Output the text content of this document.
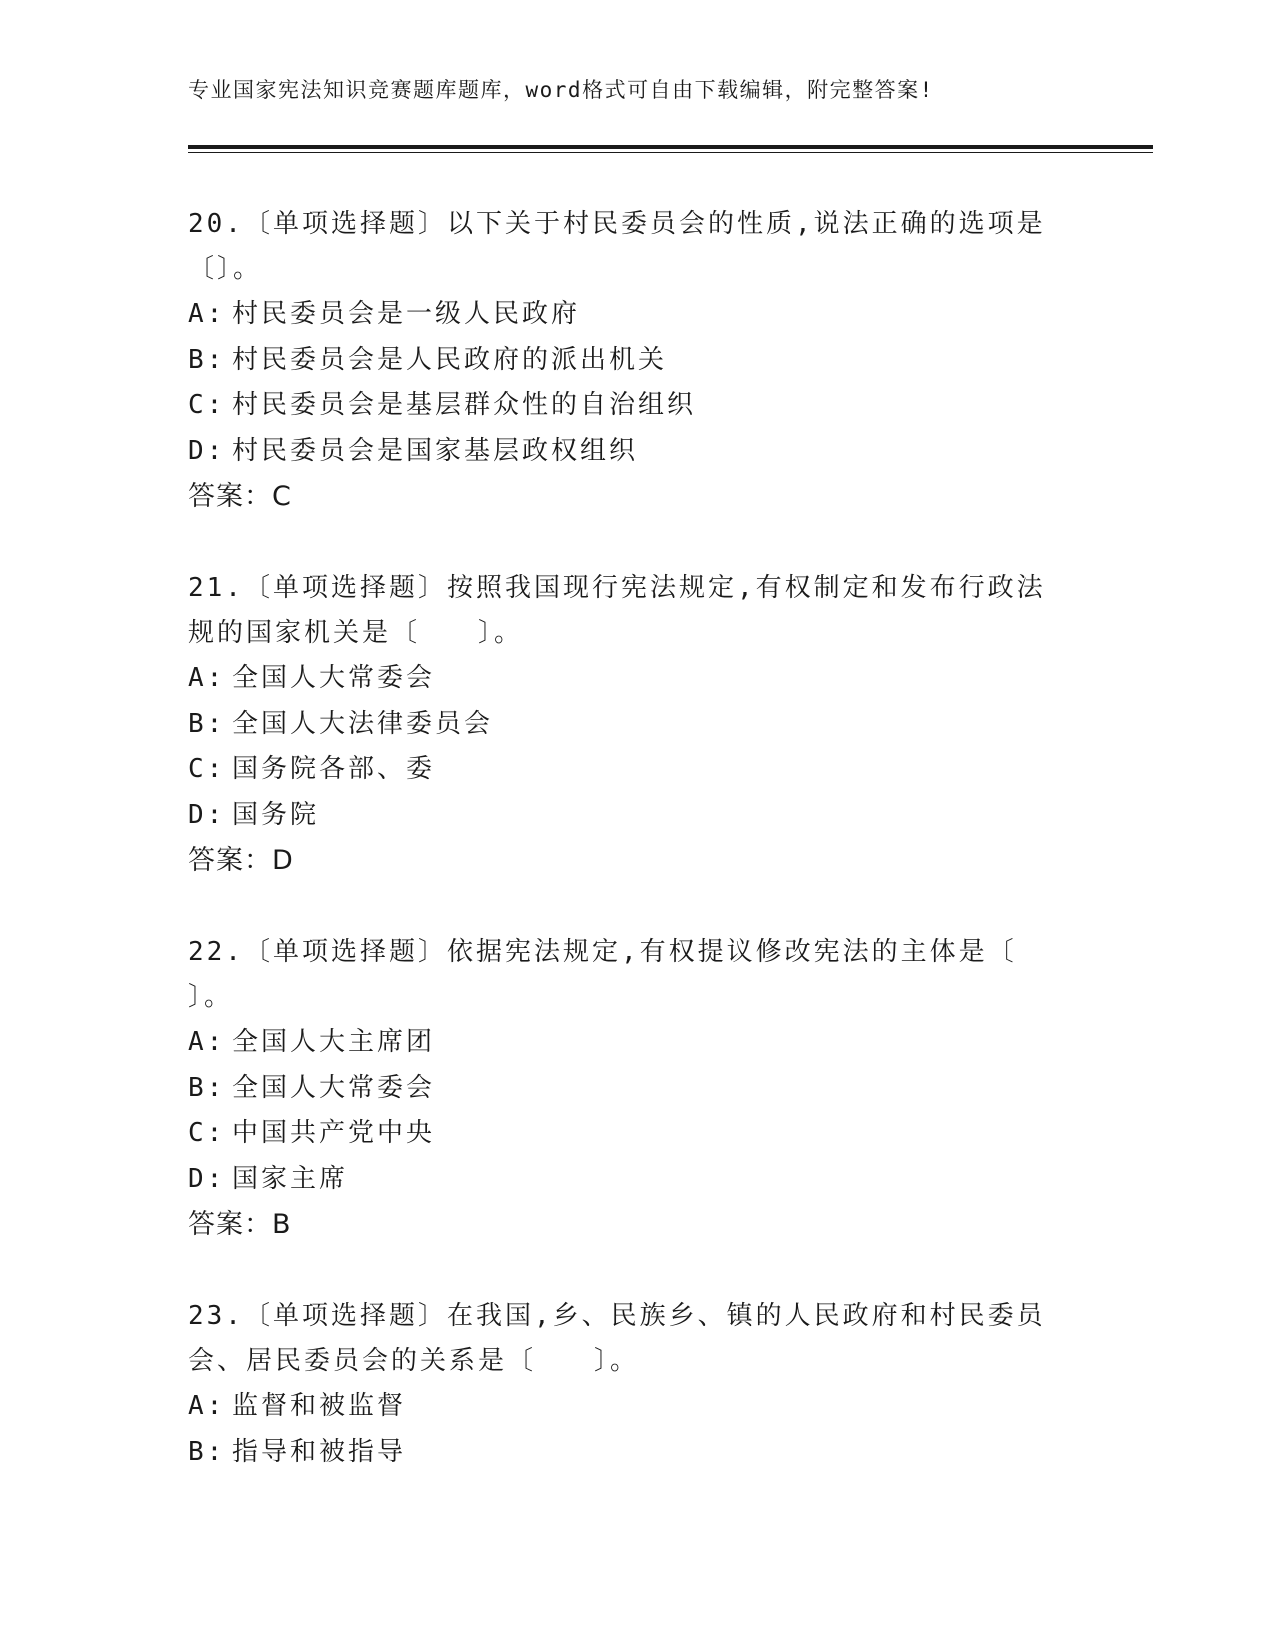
专业国家宪法知识竞赛题库题库，word格式可自由下载编辑，附完整答案!
20.〔单项选择题〕以下关于村民委员会的性质,说法正确的选项是〔〕。
A: 村民委员会是一级人民政府
B: 村民委员会是人民政府的派出机关
C: 村民委员会是基层群众性的自治组织
D: 村民委员会是国家基层政权组织
答案：C
21.〔单项选择题〕按照我国现行宪法规定,有权制定和发布行政法规的国家机关是〔　　〕。
A: 全国人大常委会
B: 全国人大法律委员会
C: 国务院各部、委
D: 国务院
答案：D
22.〔单项选择题〕依据宪法规定,有权提议修改宪法的主体是〔　　〕。
A: 全国人大主席团
B: 全国人大常委会
C: 中国共产党中央
D: 国家主席
答案：B
23.〔单项选择题〕在我国,乡、民族乡、镇的人民政府和村民委员会、居民委员会的关系是〔　　〕。
A: 监督和被监督
B: 指导和被指导
